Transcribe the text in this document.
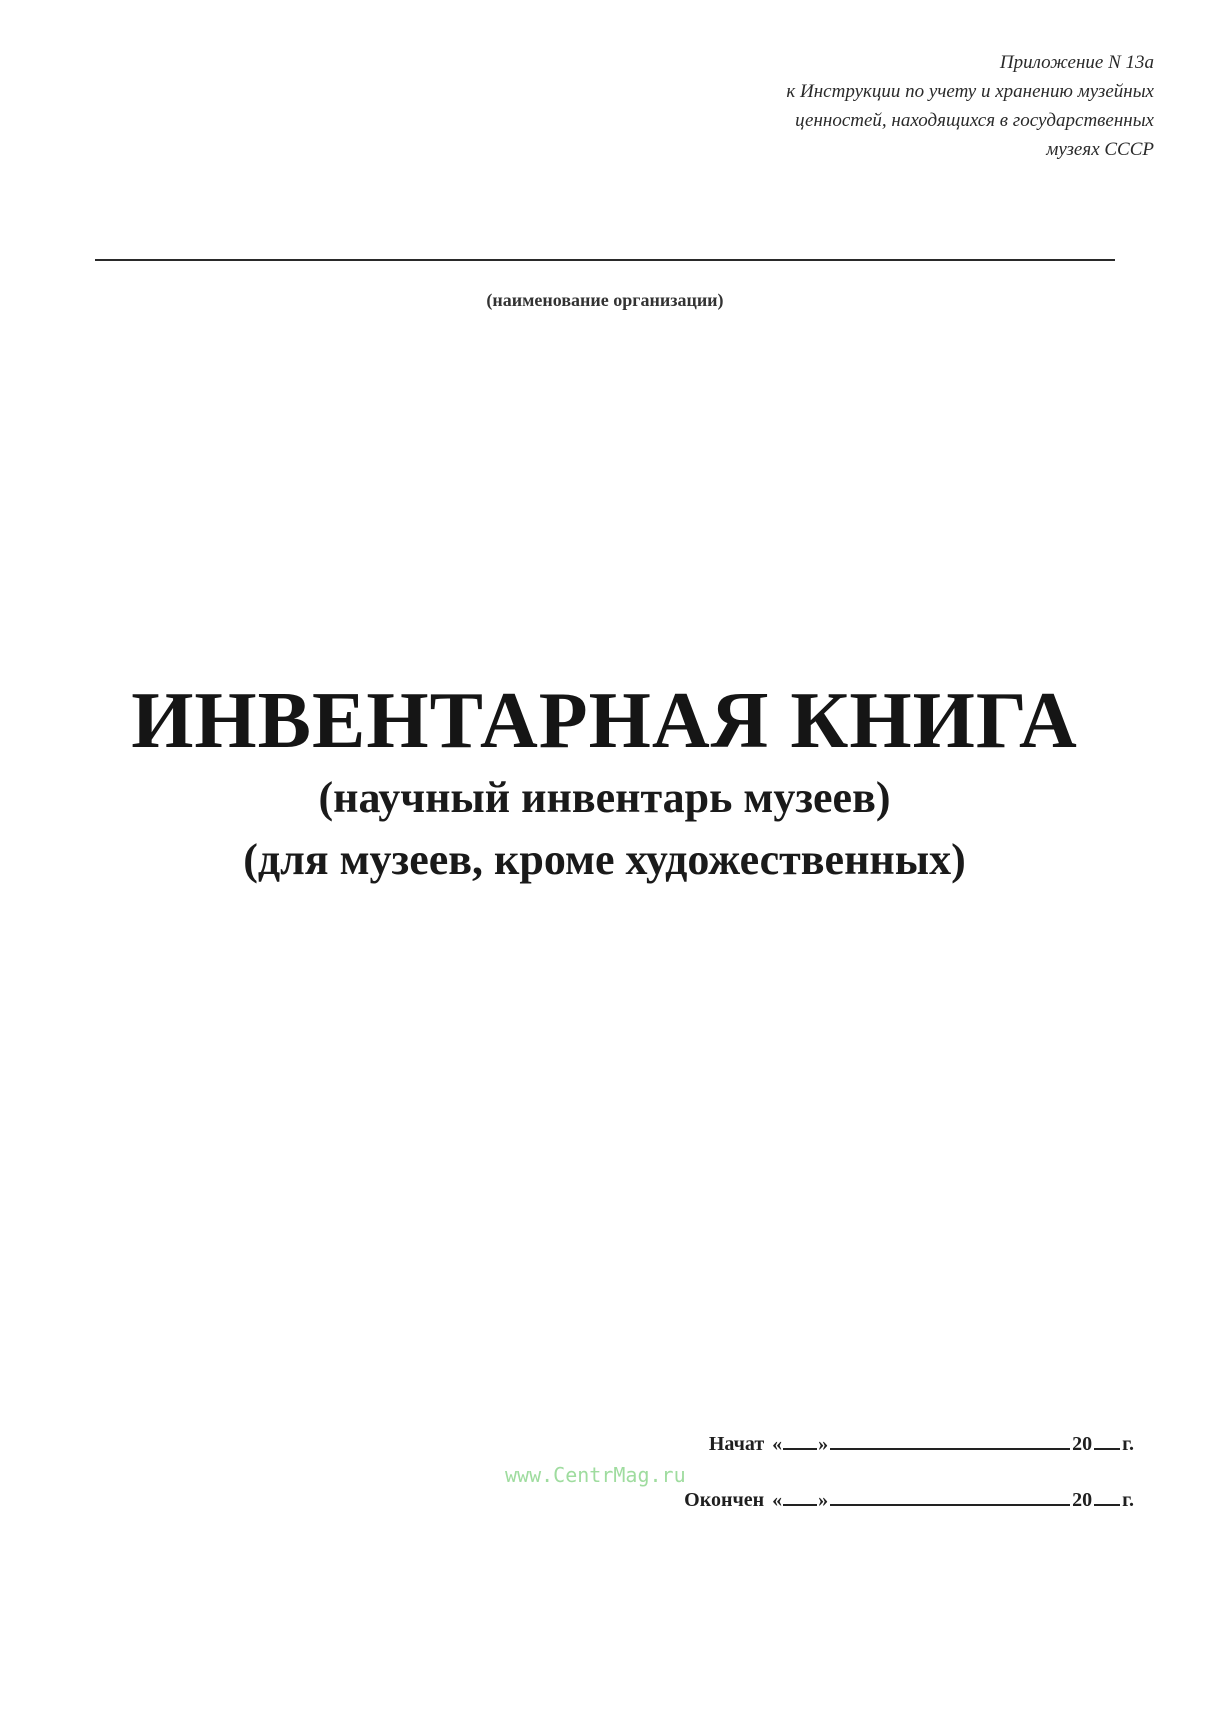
Приложение N 13а
к Инструкции по учету и хранению музейных
ценностей, находящихся в государственных
музеях СССР
(наименование организации)
ИНВЕНТАРНАЯ КНИГА
(научный инвентарь музеев)
(для музеев, кроме художественных)
www.CentrMag.ru
Начат « »	20 г.
Окончен « »	20 г.
